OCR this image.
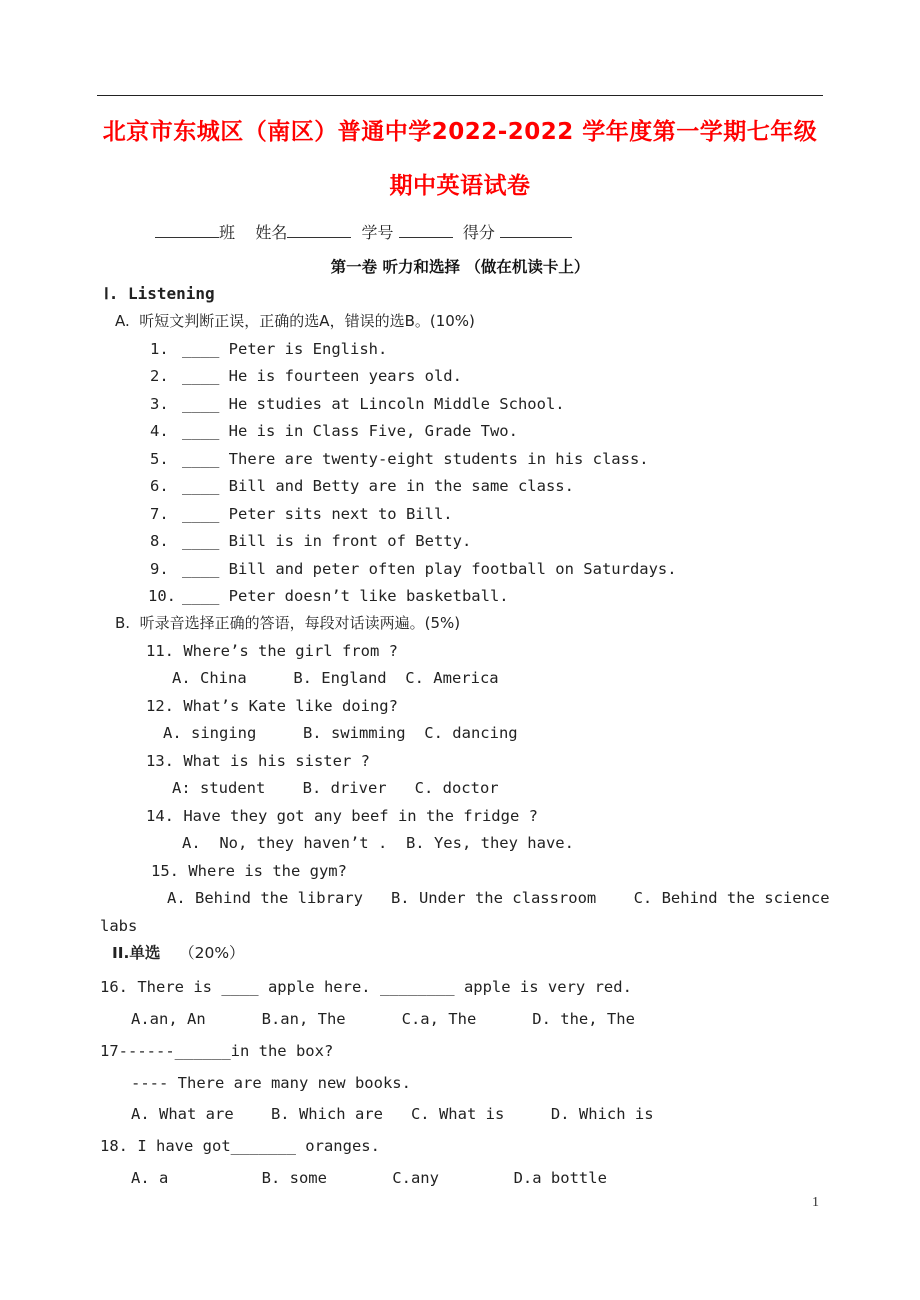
北京市东城区（南区）普通中学2022-2022 学年度第一学期七年级
期中英语试卷
班 姓名	学号	得分
第一卷 听力和选择 （做在机读卡上）
Ⅰ. Listening
A.  听短文判断正误，正确的选A，错误的选B。(10%)
1. ____ Peter is English.
2. ____ He is fourteen years old.
3. ____ He studies at Lincoln Middle School.
4. ____ He is in Class Five, Grade Two.
5. ____ There are twenty-eight students in his class.
6. ____ Bill and Betty are in the same class.
7. ____ Peter sits next to Bill.
8. ____ Bill is in front of Betty.
9. ____ Bill and peter often play football on Saturdays.
10. ____ Peter doesn’t like basketball.
B.  听录音选择正确的答语，每段对话读两遍。(5%)
11. Where’s the girl from ?
A. China     B. England  C. America
12. What’s Kate like doing?
A. singing     B. swimming  C. dancing
13. What is his sister ?
A: student    B. driver   C. doctor
14. Have they got any beef in the fridge ?
A.  No, they haven’t .  B. Yes, they have.
15. Where is the gym?
A. Behind the library   B. Under the classroom    C. Behind the science
labs
II.单选 （20%）
16. There is ____ apple here. ________ apple is very red.
A.an, An      B.an, The      C.a, The      D. the, The
17------______in the box?
---- There are many new books.
A. What are    B. Which are   C. What is     D. Which is
18. I have got_______ oranges.
A. a          B. some       C.any        D.a bottle
1
